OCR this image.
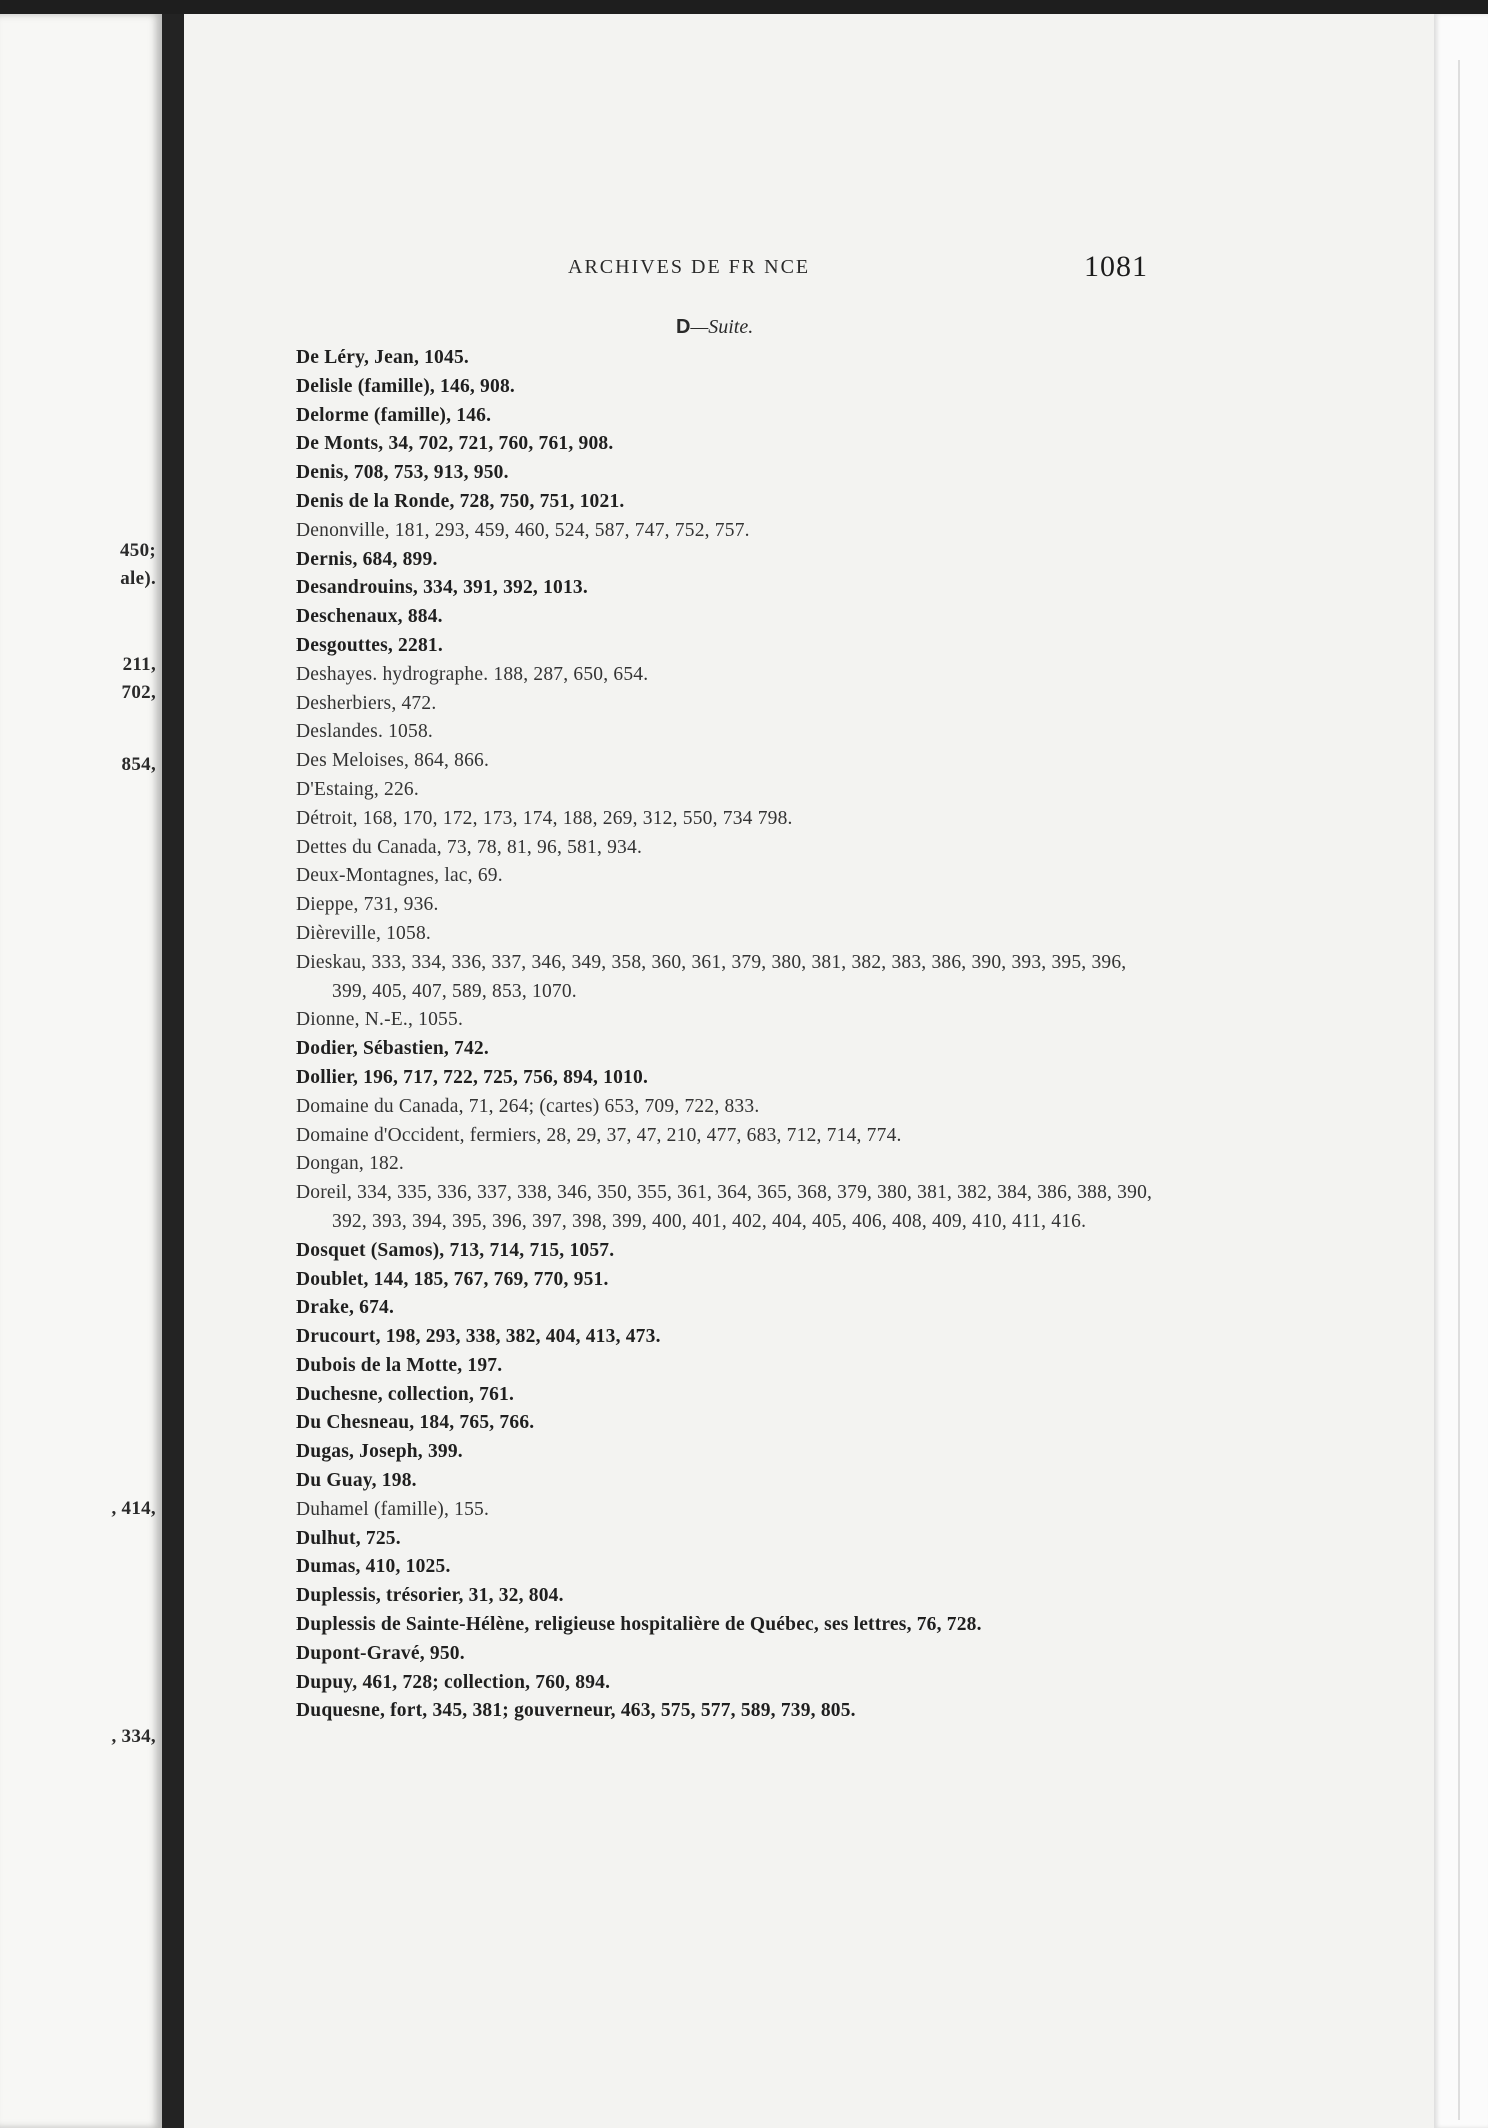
450;
ale).
211,
702,
854,
, 414,
, 334,
ARCHIVES DE FR NCE	1081
D—Suite.
De Léry, Jean, 1045.
Delisle (famille), 146, 908.
Delorme (famille), 146.
De Monts, 34, 702, 721, 760, 761, 908.
Denis, 708, 753, 913, 950.
Denis de la Ronde, 728, 750, 751, 1021.
Denonville, 181, 293, 459, 460, 524, 587, 747, 752, 757.
Dernis, 684, 899.
Desandrouins, 334, 391, 392, 1013.
Deschenaux, 884.
Desgouttes, 2281.
Deshayes. hydrographe. 188, 287, 650, 654.
Desherbiers, 472.
Deslandes. 1058.
Des Meloises, 864, 866.
D'Estaing, 226.
Détroit, 168, 170, 172, 173, 174, 188, 269, 312, 550, 734 798.
Dettes du Canada, 73, 78, 81, 96, 581, 934.
Deux-Montagnes, lac, 69.
Dieppe, 731, 936.
Dièreville, 1058.
Dieskau, 333, 334, 336, 337, 346, 349, 358, 360, 361, 379, 380, 381, 382, 383, 386, 390, 393, 395, 396, 399, 405, 407, 589, 853, 1070.
Dionne, N.-E., 1055.
Dodier, Sébastien, 742.
Dollier, 196, 717, 722, 725, 756, 894, 1010.
Domaine du Canada, 71, 264; (cartes) 653, 709, 722, 833.
Domaine d'Occident, fermiers, 28, 29, 37, 47, 210, 477, 683, 712, 714, 774.
Dongan, 182.
Doreil, 334, 335, 336, 337, 338, 346, 350, 355, 361, 364, 365, 368, 379, 380, 381, 382, 384, 386, 388, 390, 392, 393, 394, 395, 396, 397, 398, 399, 400, 401, 402, 404, 405, 406, 408, 409, 410, 411, 416.
Dosquet (Samos), 713, 714, 715, 1057.
Doublet, 144, 185, 767, 769, 770, 951.
Drake, 674.
Drucourt, 198, 293, 338, 382, 404, 413, 473.
Dubois de la Motte, 197.
Duchesne, collection, 761.
Du Chesneau, 184, 765, 766.
Dugas, Joseph, 399.
Du Guay, 198.
Duhamel (famille), 155.
Dulhut, 725.
Dumas, 410, 1025.
Duplessis, trésorier, 31, 32, 804.
Duplessis de Sainte-Hélène, religieuse hospitalière de Québec, ses lettres, 76, 728.
Dupont-Gravé, 950.
Dupuy, 461, 728; collection, 760, 894.
Duquesne, fort, 345, 381; gouverneur, 463, 575, 577, 589, 739, 805.
